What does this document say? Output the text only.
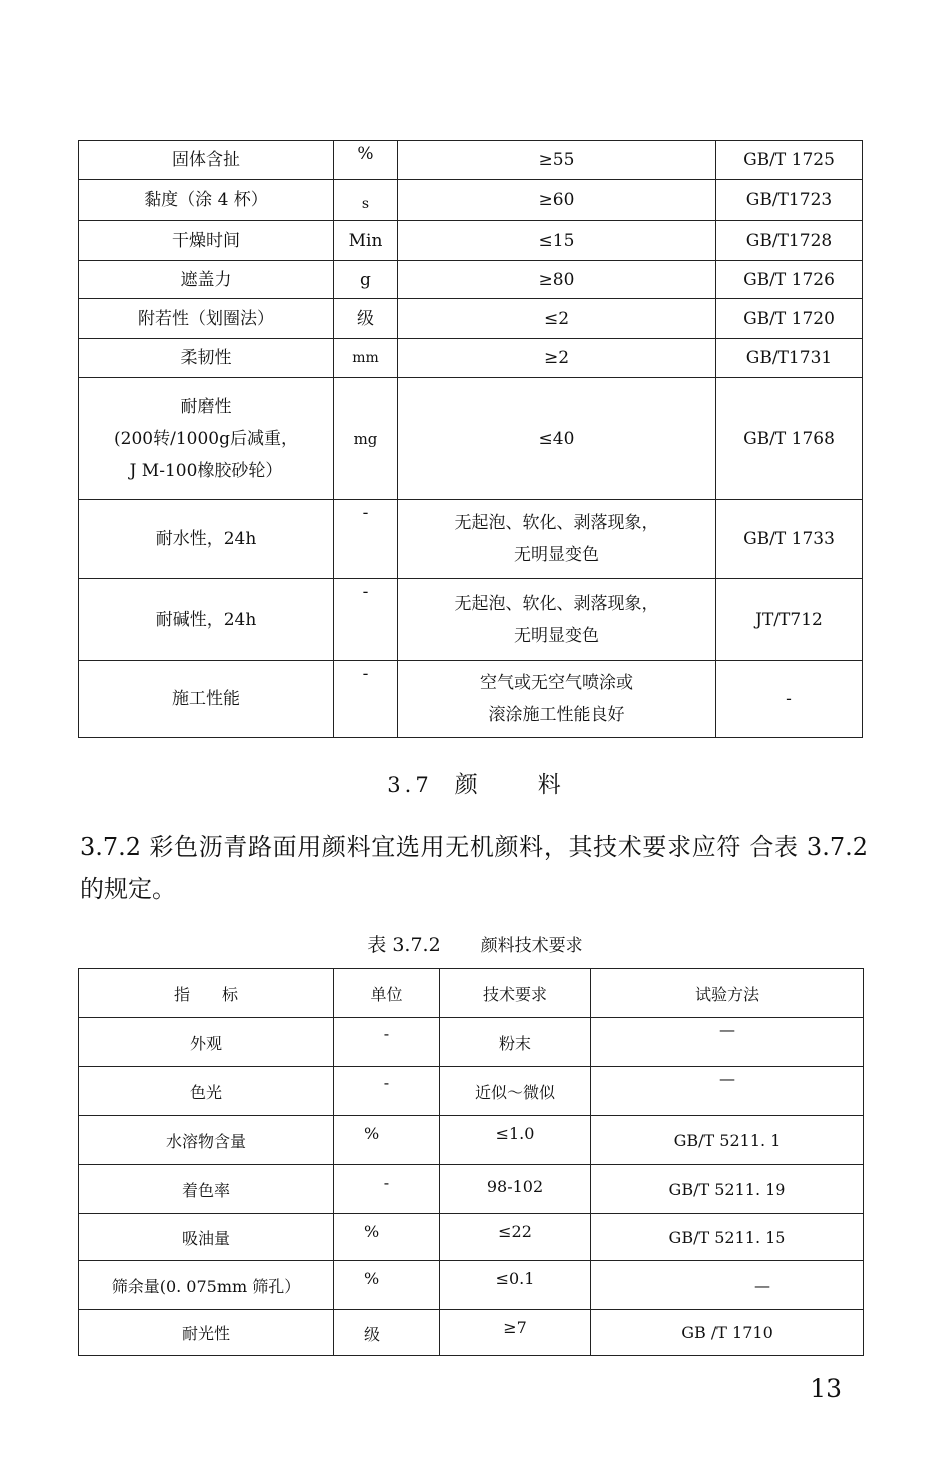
固体含扯	%	≥55	GB/T 1725
黏度（涂 4 杯）	s	≥60	GB/T1723
干燥时间	Min	≤15	GB/T1728
遮盖力	g	≥80	GB/T 1726
附若性（划圈法）	级	≤2	GB/T 1720
柔韧性	mm	≥2	GB/T1731

耐磨性
(200转/1000g后减重，
J M-100橡胶砂轮）	mg	≤40	GB/T 1768
耐水性，24h	-	无起泡、软化、剥落现象，
无明显变色	GB/T 1733
耐碱性，24h	-	无起泡、软化、剥落现象，
无明显变色	JT/T712
施工性能	-	空气或无空气喷涂或
滚涂施工性能良好	-
3.7 颜	料
3.7.2 彩色沥青路面用颜料宜选用无机颜料，其技术要求应符 合表 3.7.2 的规定。
表 3.7.2 颜料技术要求
指　　标	单位	技术要求	试验方法
外观	-	粉末	—
色光	-	近似～微似	—
水溶物含量	%	≤1.0	GB/T 5211. 1
着色率	-	98-102	GB/T 5211. 19
吸油量	%	≤22	GB/T 5211. 15
筛余量(0. 075mm 筛孔）	%	≤0.1	—
耐光性	级	≥7	GB /T 1710
13
